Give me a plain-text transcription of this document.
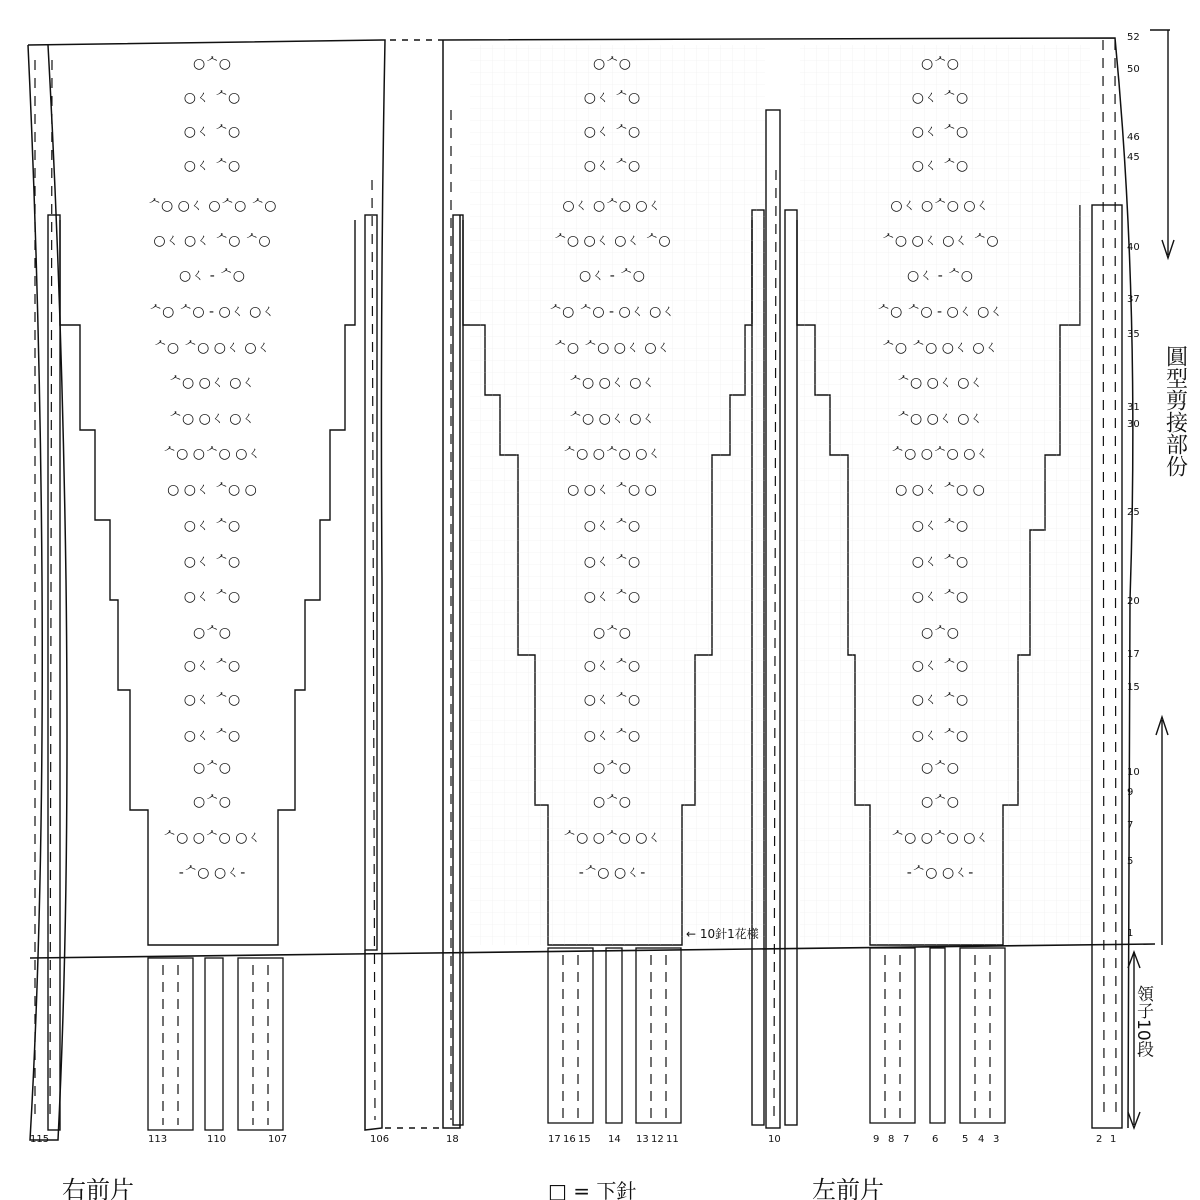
○ᄉ○
○ㄑ ᄉ○
○ㄑ ᄉ○
○ㄑ ᄉ○
ᄉ○ ○ㄑ ○ᄉ○ ᄉ○
○ㄑ ○ㄑ ᄉ○ ᄉ○
○ㄑ - ᄉ○
ᄉ○ ᄉ○ - ○ㄑ ○ㄑ
ᄉ○ ᄉ○ ○ㄑ ○ㄑ
ᄉ○ ○ㄑ ○ㄑ
ᄉ○ ○ㄑ ○ㄑ
ᄉ○ ○ᄉ○ ○ㄑ
○ ○ㄑ ᄉ○ ○
○ㄑ ᄉ○
○ㄑ ᄉ○
○ㄑ ᄉ○
○ᄉ○
○ㄑ ᄉ○
○ㄑ ᄉ○
○ㄑ ᄉ○
○ᄉ○
○ᄉ○
ᄉ○ ○ᄉ○ ○ㄑ
-ᄉ○ ○ㄑ-
○ᄉ○
○ㄑ ᄉ○
○ㄑ ᄉ○
○ㄑ ᄉ○
○ㄑ ○ᄉ○ ○ㄑ
ᄉ○ ○ㄑ ○ㄑ ᄉ○
○ㄑ - ᄉ○
ᄉ○ ᄉ○ - ○ㄑ ○ㄑ
ᄉ○ ᄉ○ ○ㄑ ○ㄑ
ᄉ○ ○ㄑ ○ㄑ
ᄉ○ ○ㄑ ○ㄑ
ᄉ○ ○ᄉ○ ○ㄑ
○ ○ㄑ ᄉ○ ○
○ㄑ ᄉ○
○ㄑ ᄉ○
○ㄑ ᄉ○
○ᄉ○
○ㄑ ᄉ○
○ㄑ ᄉ○
○ㄑ ᄉ○
○ᄉ○
○ᄉ○
ᄉ○ ○ᄉ○ ○ㄑ
-ᄉ○ ○ㄑ-
○ᄉ○
○ㄑ ᄉ○
○ㄑ ᄉ○
○ㄑ ᄉ○
○ㄑ ○ᄉ○ ○ㄑ
ᄉ○ ○ㄑ ○ㄑ ᄉ○
○ㄑ - ᄉ○
ᄉ○ ᄉ○ - ○ㄑ ○ㄑ
ᄉ○ ᄉ○ ○ㄑ ○ㄑ
ᄉ○ ○ㄑ ○ㄑ
ᄉ○ ○ㄑ ○ㄑ
ᄉ○ ○ᄉ○ ○ㄑ
○ ○ㄑ ᄉ○ ○
○ㄑ ᄉ○
○ㄑ ᄉ○
○ㄑ ᄉ○
○ᄉ○
○ㄑ ᄉ○
○ㄑ ᄉ○
○ㄑ ᄉ○
○ᄉ○
○ᄉ○
ᄉ○ ○ᄉ○ ○ㄑ
-ᄉ○ ○ㄑ-
52
50
46
45
40
37
35
31
30
25
20
17
15
10
9
7
5
1
115	113	110	107	106	18	17 16 15 14 13 12 11	10	9 8 7 6 5 4 3	2 1
圓型剪接部份
領子10段
← 10針1花樣
右前片	□ = 下針	左前片
